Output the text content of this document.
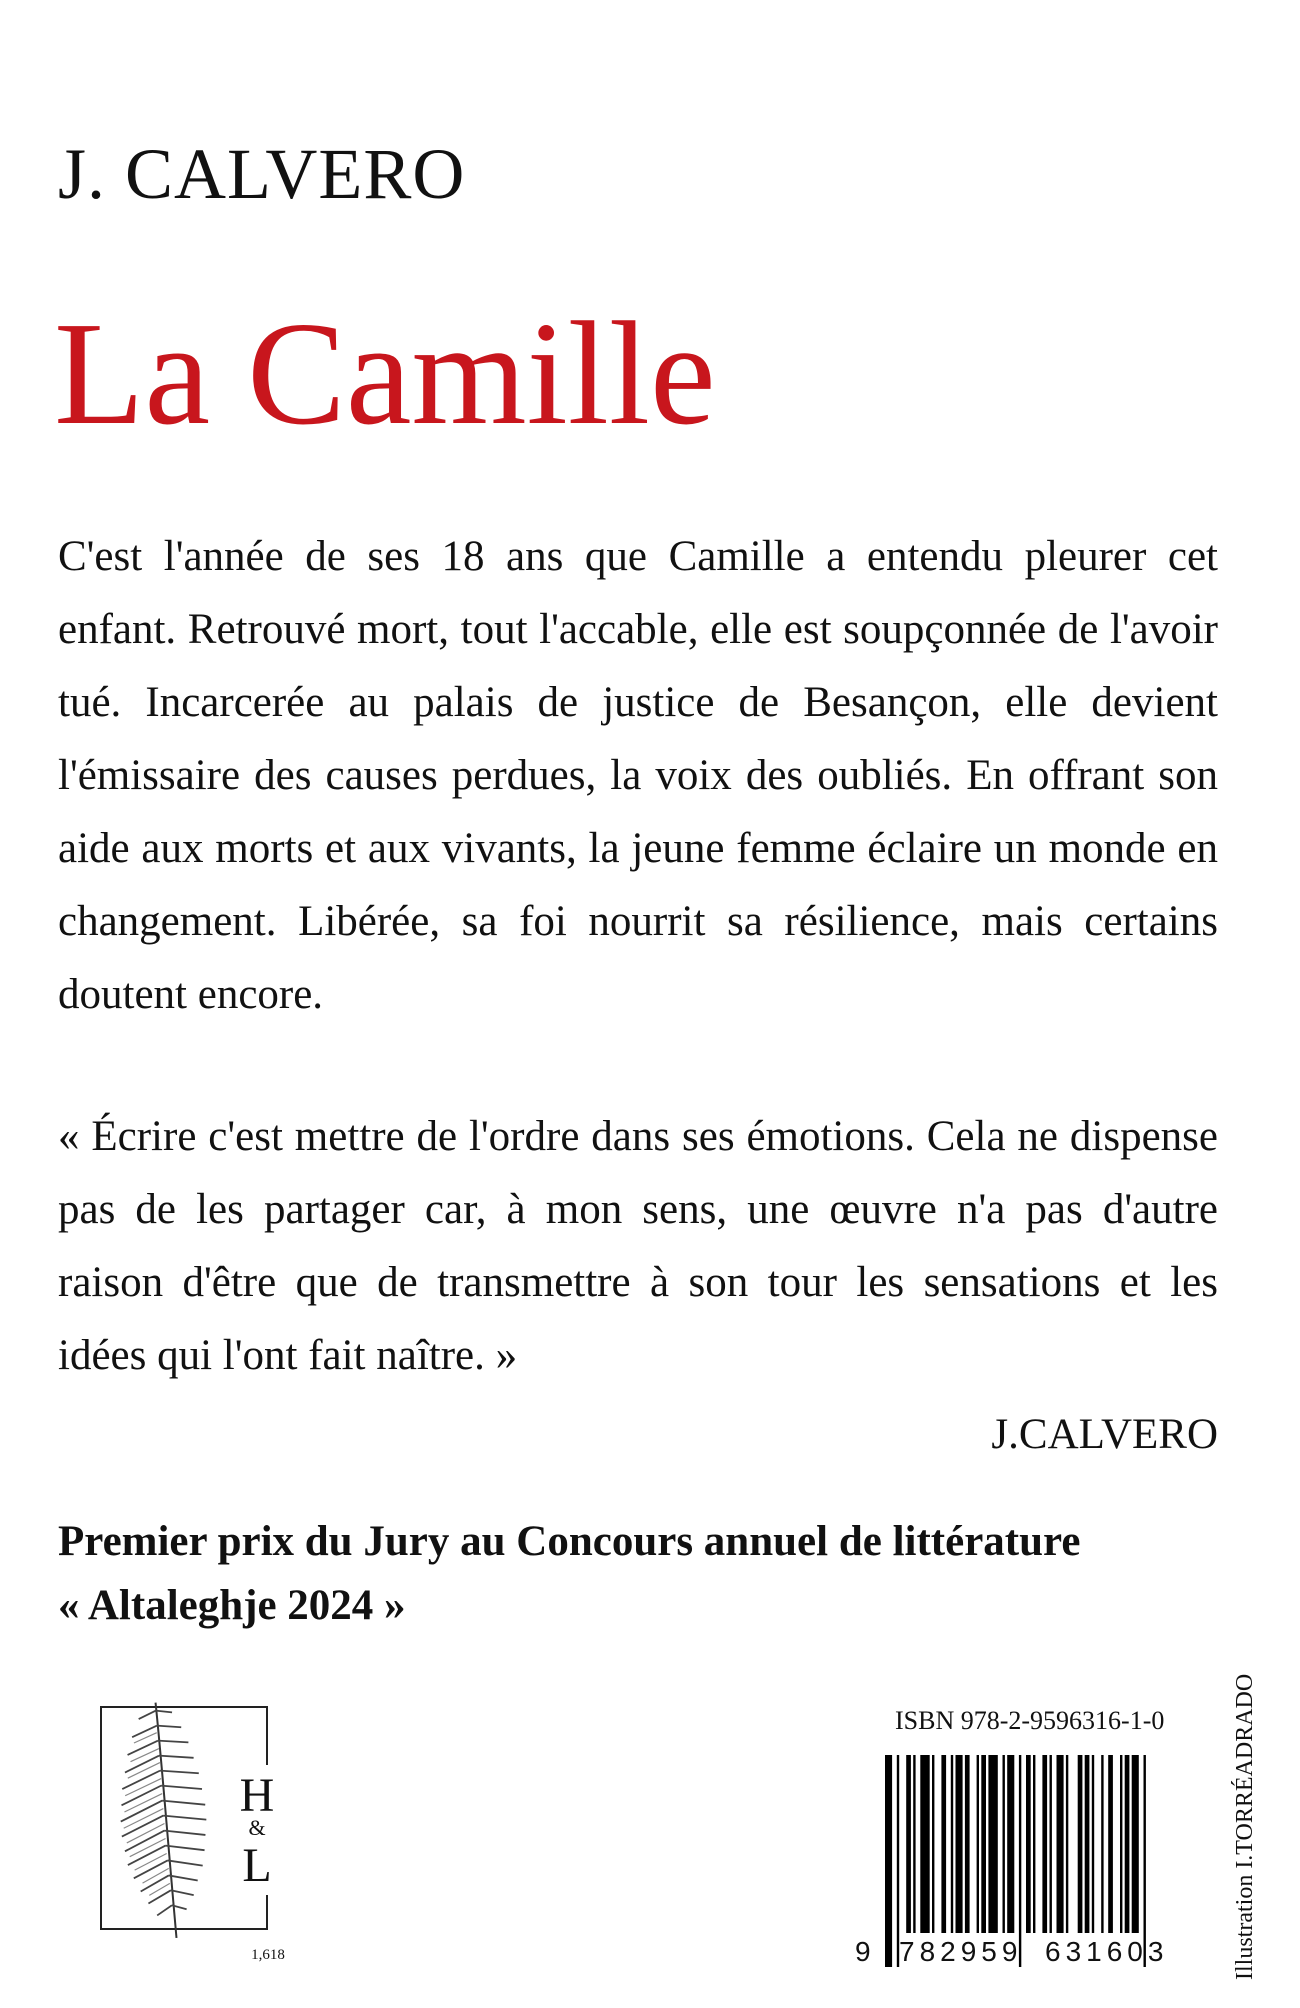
J. CALVERO
La Camille

C'est l'année de ses 18 ans que Camille a entendu pleurer cet enfant. Retrouvé mort, tout l'accable, elle est soupçonnée de l'avoir tué. Incarcerée au palais de justice de Besançon, elle devient l'émissaire des causes perdues, la voix des oubliés. En offrant son aide aux morts et aux vivants, la jeune femme éclaire un monde en changement. Libérée, sa foi nourrit sa résilience, mais certains doutent encore.

« Écrire c'est mettre de l'ordre dans ses émotions. Cela ne dispense pas de les partager car, à mon sens, une œuvre n'a pas d'autre raison d'être que de transmettre à son tour les sensations et les idées qui l'ont fait naître. »

J.CALVERO

Premier prix du Jury au Concours annuel de littérature
« Altaleghje 2024 »

H
&
L
1,618
ISBN 978-2-9596316-1-0
9 782959 631603	Illustration I.TORRÉADRADO
